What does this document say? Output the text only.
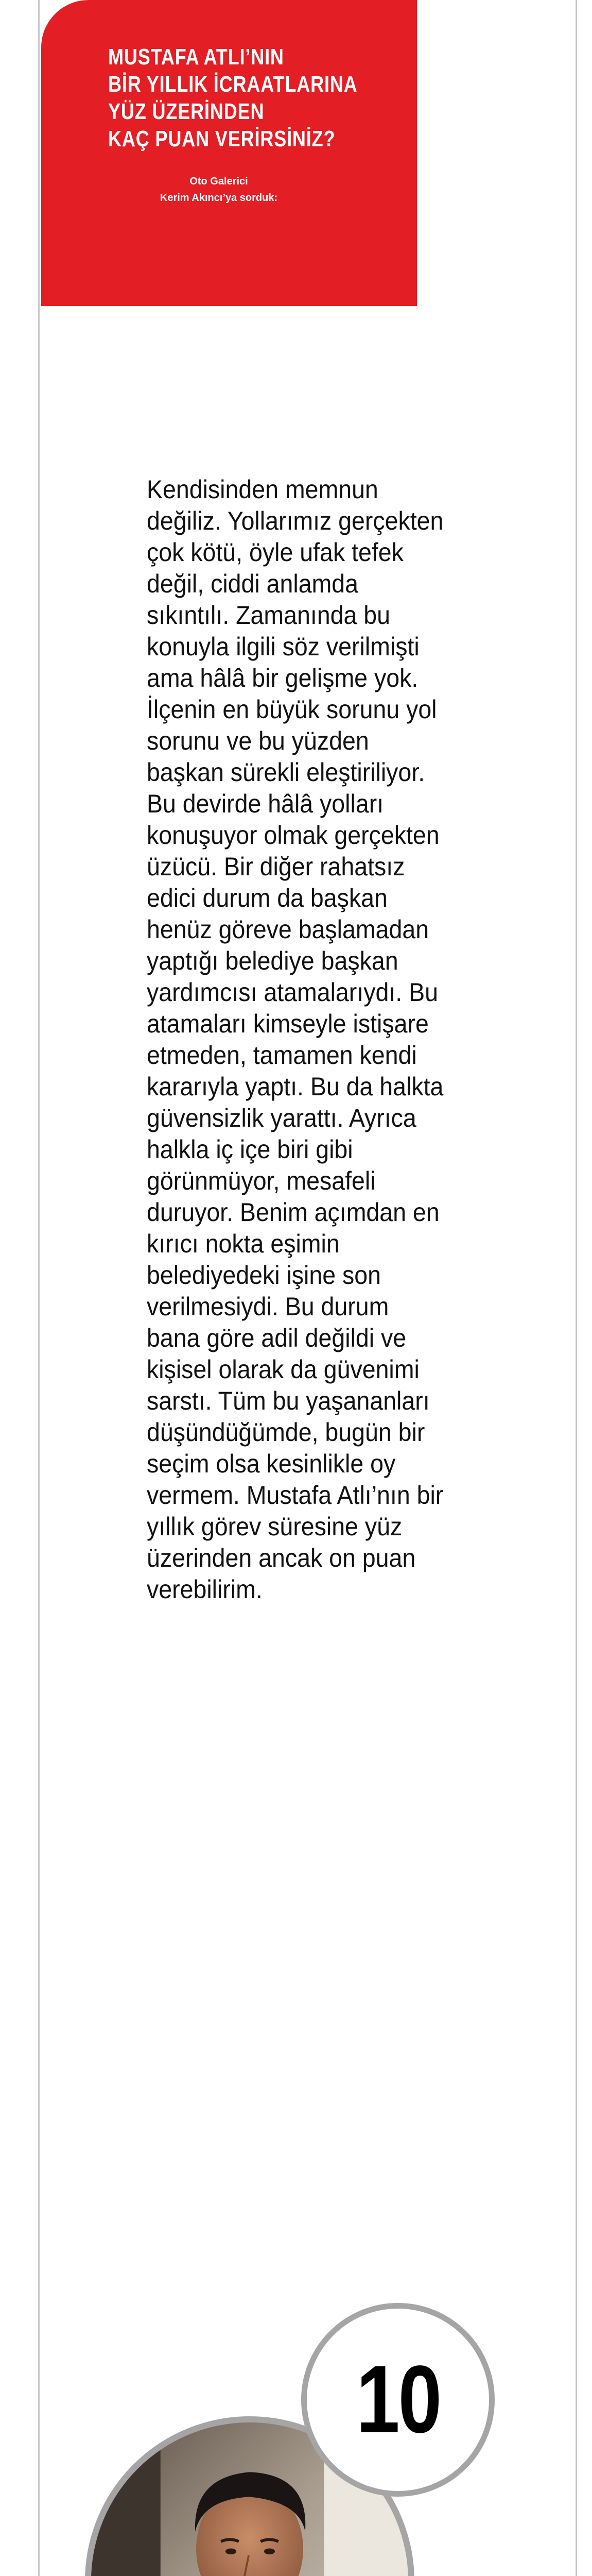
MUSTAFA ATLI’NIN
BİR YILLIK İCRAATLARINA
YÜZ ÜZERİNDEN
KAÇ PUAN VERİRSİNİZ?
Oto Galerici
Kerim Akıncı’ya sorduk:

Kendisinden memnun değiliz. Yollarımız gerçekten çok kötü, öyle ufak tefek değil, ciddi anlamda sıkıntılı. Zamanında bu konuyla ilgili söz verilmişti ama hâlâ bir gelişme yok. İlçenin en büyük sorunu yol sorunu ve bu yüzden başkan sürekli eleştiriliyor. Bu devirde hâlâ yolları konuşuyor olmak gerçekten üzücü. Bir diğer rahatsız edici durum da başkan henüz göreve başlamadan yaptığı belediye başkan yardımcısı atamalarıydı. Bu atamaları kimseyle istişare etmeden, tamamen kendi kararıyla yaptı. Bu da halkta güvensizlik yarattı. Ayrıca halkla iç içe biri gibi görünmüyor, mesafeli duruyor. Benim açımdan en kırıcı nokta eşimin belediyedeki işine son verilmesiydi. Bu durum bana göre adil değildi ve kişisel olarak da güvenimi sarstı. Tüm bu yaşananları düşündüğümde, bugün bir seçim olsa kesinlikle oy vermem. Mustafa Atlı’nın bir yıllık görev süresine yüz üzerinden ancak on puan verebilirim.

10
